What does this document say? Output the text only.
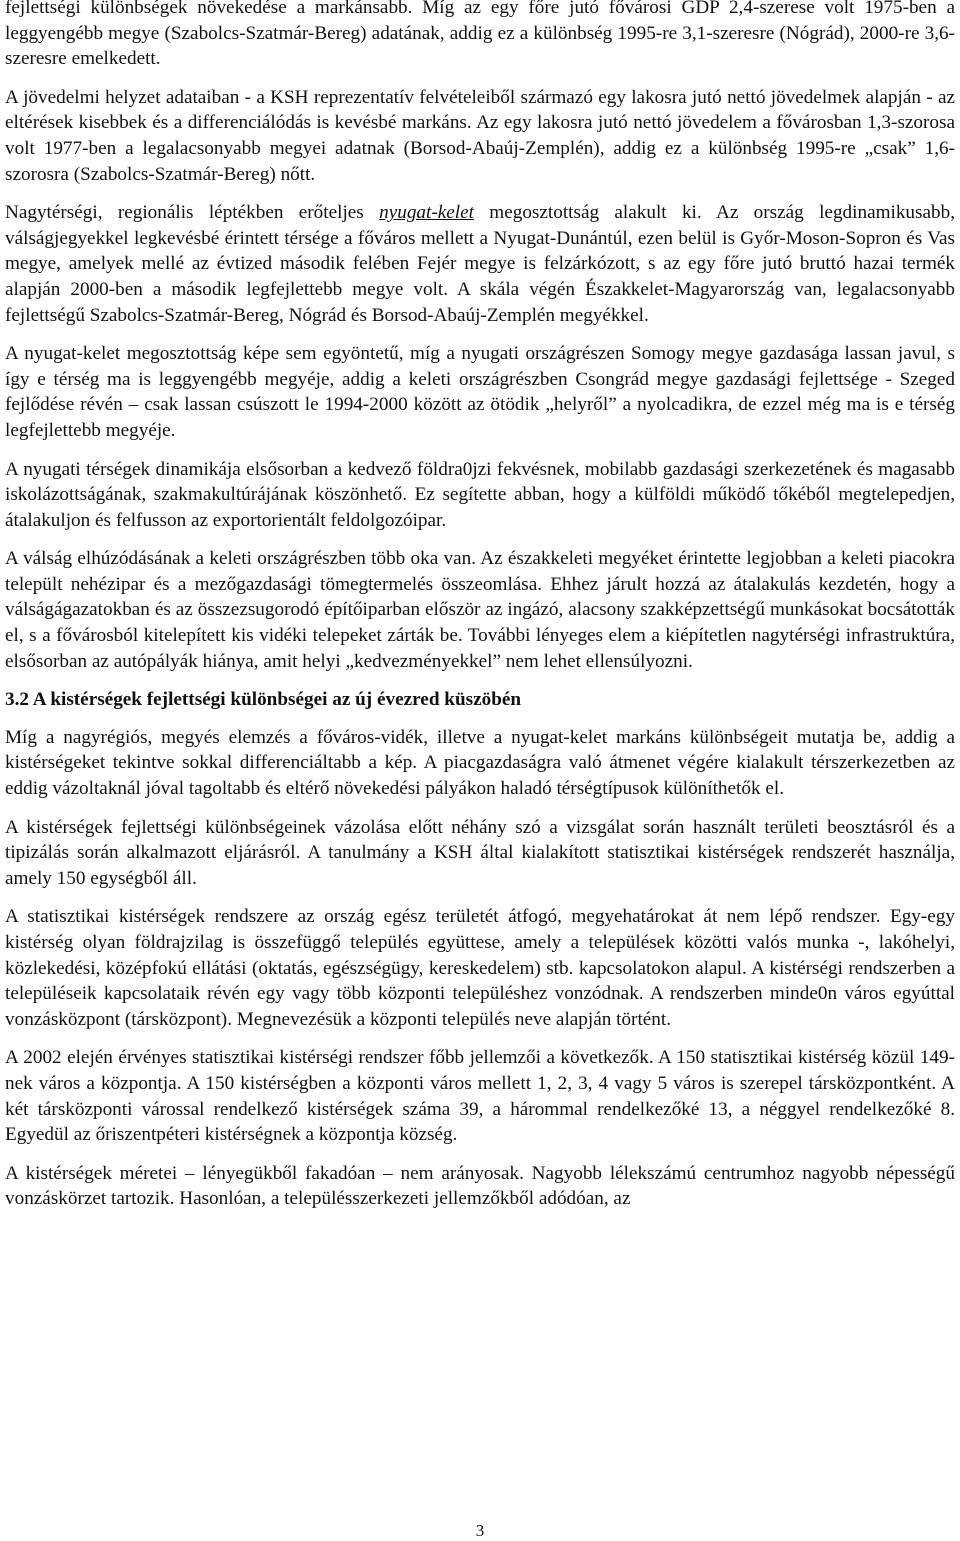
fejlettségi különbségek növekedése a markánsabb. Míg az egy főre jutó fővárosi GDP 2,4-szerese volt 1975-ben a leggyengébb megye (Szabolcs-Szatmár-Bereg) adatának, addig ez a különbség 1995-re 3,1-szeresre (Nógrád), 2000-re 3,6-szeresre emelkedett.

A jövedelmi helyzet adataiban - a KSH reprezentatív felvételeiből származó egy lakosra jutó nettó jövedelmek alapján - az eltérések kisebbek és a differenciálódás is kevésbé markáns. Az egy lakosra jutó nettó jövedelem a fővárosban 1,3-szorosa volt 1977-ben a legalacsonyabb megyei adatnak (Borsod-Abaúj-Zemplén), addig ez a különbség 1995-re „csak” 1,6-szorosra (Szabolcs-Szatmár-Bereg) nőtt.

Nagytérségi, regionális léptékben erőteljes nyugat-kelet megosztottság alakult ki. Az ország legdinamikusabb, válságjegyekkel legkevésbé érintett térsége a főváros mellett a Nyugat-Dunántúl, ezen belül is Győr-Moson-Sopron és Vas megye, amelyek mellé az évtized második felében Fejér megye is felzárkózott, s az egy főre jutó bruttó hazai termék alapján 2000-ben a második legfejlettebb megye volt. A skála végén Északkelet-Magyarország van, legalacsonyabb fejlettségű Szabolcs-Szatmár-Bereg, Nógrád és Borsod-Abaúj-Zemplén megyékkel.

A nyugat-kelet megosztottság képe sem egyöntetű, míg a nyugati országrészen Somogy megye gazdasága lassan javul, s így e térség ma is leggyengébb megyéje, addig a keleti országrészben Csongrád megye gazdasági fejlettsége - Szeged fejlődése révén – csak lassan csúszott le 1994-2000 között az ötödik „helyről” a nyolcadikra, de ezzel még ma is e térség legfejlettebb megyéje.

A nyugati térségek dinamikája elsősorban a kedvező földra0jzi fekvésnek, mobilabb gazdasági szerkezetének és magasabb iskolázottságának, szakmakultúrájának köszönhető. Ez segítette abban, hogy a külföldi működő tőkéből megtelepedjen, átalakuljon és felfusson az exportorientált feldolgozóipar.

A válság elhúzódásának a keleti országrészben több oka van. Az északkeleti megyéket érintette legjobban a keleti piacokra települt nehézipar és a mezőgazdasági tömegtermelés összeomlása. Ehhez járult hozzá az átalakulás kezdetén, hogy a válságágazatokban és az összezsugorodó építőiparban először az ingázó, alacsony szakképzettségű munkásokat bocsátották el, s a fővárosból kitelepített kis vidéki telepeket zárták be. További lényeges elem a kiépítetlen nagytérségi infrastruktúra, elsősorban az autópályák hiánya, amit helyi „kedvezményekkel” nem lehet ellensúlyozni.

3.2 A kistérségek fejlettségi különbségei az új évezred küszöbén

Míg a nagyrégiós, megyés elemzés a főváros-vidék, illetve a nyugat-kelet markáns különbségeit mutatja be, addig a kistérségeket tekintve sokkal differenciáltabb a kép. A piacgazdaságra való átmenet végére kialakult térszerkezetben az eddig vázoltaknál jóval tagoltabb és eltérő növekedési pályákon haladó térségtípusok különíthetők el.

A kistérségek fejlettségi különbségeinek vázolása előtt néhány szó a vizsgálat során használt területi beosztásról és a tipizálás során alkalmazott eljárásról. A tanulmány a KSH által kialakított statisztikai kistérségek rendszerét használja, amely 150 egységből áll.

A statisztikai kistérségek rendszere az ország egész területét átfogó, megyehatárokat át nem lépő rendszer. Egy-egy kistérség olyan földrajzilag is összefüggő település együttese, amely a települések közötti valós munka -, lakóhelyi, közlekedési, középfokú ellátási (oktatás, egészségügy, kereskedelem) stb. kapcsolatokon alapul. A kistérségi rendszerben a településeik kapcsolataik révén egy vagy több központi településhez vonzódnak. A rendszerben minde0n város egyúttal vonzásközpont (társközpont). Megnevezésük a központi település neve alapján történt.

A 2002 elején érvényes statisztikai kistérségi rendszer főbb jellemzői a következők. A 150 statisztikai kistérség közül 149-nek város a központja. A 150 kistérségben a központi város mellett 1, 2, 3, 4 vagy 5 város is szerepel társközpontként. A két társközponti várossal rendelkező kistérségek száma 39, a hárommal rendelkezőké 13, a néggyel rendelkezőké 8. Egyedül az őriszentpéteri kistérségnek a központja község.

A kistérségek méretei – lényegükből fakadóan – nem arányosak. Nagyobb lélekszámú centrumhoz nagyobb népességű vonzáskörzet tartozik. Hasonlóan, a településszerkezeti jellemzőkből adódóan, az

3
